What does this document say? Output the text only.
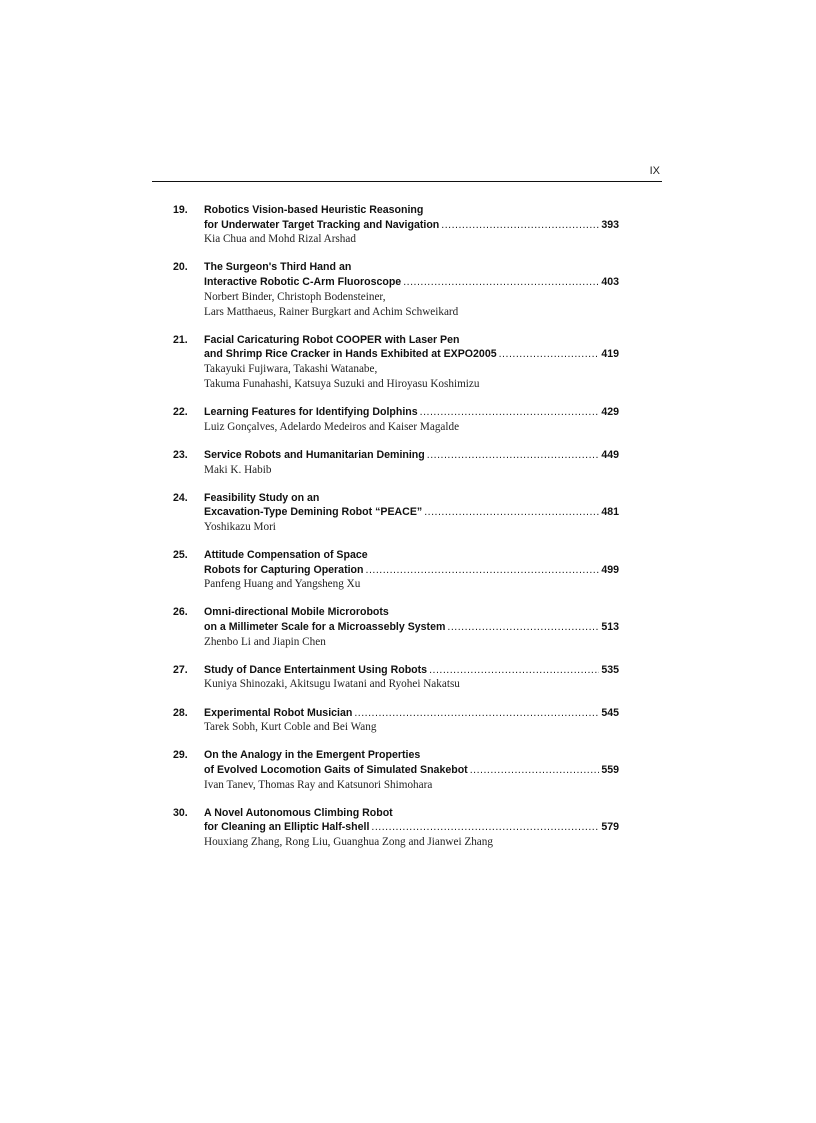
IX
19. Robotics Vision-based Heuristic Reasoning
for Underwater Target Tracking and Navigation .....	393
Kia Chua and Mohd Rizal Arshad
20. The Surgeon's Third Hand an
Interactive Robotic C-Arm Fluoroscope .....	403
Norbert Binder, Christoph Bodensteiner,
Lars Matthaeus, Rainer Burgkart and Achim Schweikard
21. Facial Caricaturing Robot COOPER with Laser Pen
and Shrimp Rice Cracker in Hands Exhibited at EXPO2005 .....	419
Takayuki Fujiwara, Takashi Watanabe,
Takuma Funahashi, Katsuya Suzuki and Hiroyasu Koshimizu
22. Learning Features for Identifying Dolphins .....	429
Luiz Gonçalves, Adelardo Medeiros and Kaiser Magalde
23. Service Robots and Humanitarian Demining .....	449
Maki K. Habib
24. Feasibility Study on an
Excavation-Type Demining Robot “PEACE” .....	481
Yoshikazu Mori
25. Attitude Compensation of Space
Robots for Capturing Operation .....	499
Panfeng Huang and Yangsheng Xu
26. Omni-directional Mobile Microrobots
on a Millimeter Scale for a Microassebly System .....	513
Zhenbo Li and Jiapin Chen
27. Study of Dance Entertainment Using Robots .....	535
Kuniya Shinozaki, Akitsugu Iwatani and Ryohei Nakatsu
28. Experimental Robot Musician .....	545
Tarek Sobh, Kurt Coble and Bei Wang
29. On the Analogy in the Emergent Properties
of Evolved Locomotion Gaits of Simulated Snakebot .....	559
Ivan Tanev, Thomas Ray and Katsunori Shimohara
30. A Novel Autonomous Climbing Robot
for Cleaning an Elliptic Half-shell .....	579
Houxiang Zhang, Rong Liu, Guanghua Zong and Jianwei Zhang
